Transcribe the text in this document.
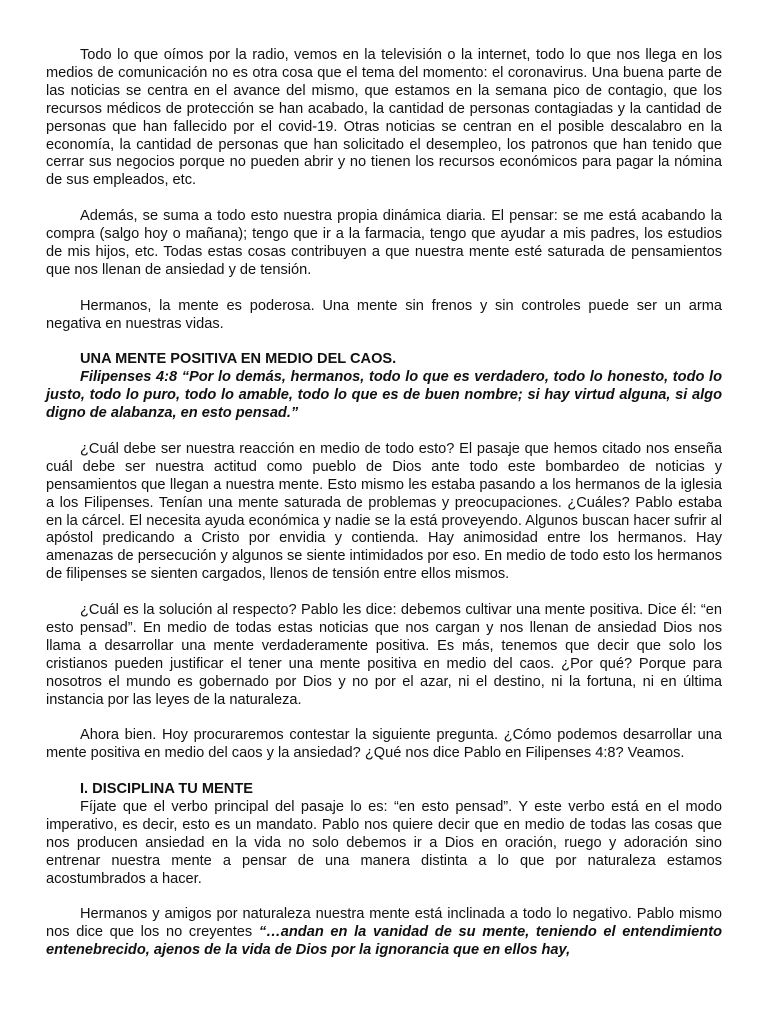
Todo lo que oímos por la radio, vemos en la televisión o la internet, todo lo que nos llega en los medios de comunicación no es otra cosa que el tema del momento: el coronavirus. Una buena parte de las noticias se centra en el avance del mismo, que estamos en la semana pico de contagio, que los recursos médicos de protección se han acabado, la cantidad de personas contagiadas y la cantidad de personas que han fallecido por el covid-19. Otras noticias se centran en el posible descalabro en la economía, la cantidad de personas que han solicitado el desempleo, los patronos que han tenido que cerrar sus negocios porque no pueden abrir y no tienen los recursos económicos para pagar la nómina de sus empleados, etc.

Además, se suma a todo esto nuestra propia dinámica diaria. El pensar: se me está acabando la compra (salgo hoy o mañana); tengo que ir a la farmacia, tengo que ayudar a mis padres, los estudios de mis hijos, etc. Todas estas cosas contribuyen a que nuestra mente esté saturada de pensamientos que nos llenan de ansiedad y de tensión.

Hermanos, la mente es poderosa. Una mente sin frenos y sin controles puede ser un arma negativa en nuestras vidas.

UNA MENTE POSITIVA EN MEDIO DEL CAOS.

Filipenses 4:8 “Por lo demás, hermanos, todo lo que es verdadero, todo lo honesto, todo lo justo, todo lo puro, todo lo amable, todo lo que es de buen nombre; si hay virtud alguna, si algo digno de alabanza, en esto pensad.”

¿Cuál debe ser nuestra reacción en medio de todo esto? El pasaje que hemos citado nos enseña cuál debe ser nuestra actitud como pueblo de Dios ante todo este bombardeo de noticias y pensamientos que llegan a nuestra mente. Esto mismo les estaba pasando a los hermanos de la iglesia a los Filipenses. Tenían una mente saturada de problemas y preocupaciones. ¿Cuáles? Pablo estaba en la cárcel. El necesita ayuda económica y nadie se la está proveyendo. Algunos buscan hacer sufrir al apóstol predicando a Cristo por envidia y contienda. Hay animosidad entre los hermanos. Hay amenazas de persecución y algunos se siente intimidados por eso. En medio de todo esto los hermanos de filipenses se sienten cargados, llenos de tensión entre ellos mismos.

¿Cuál es la solución al respecto? Pablo les dice: debemos cultivar una mente positiva. Dice él: “en esto pensad”. En medio de todas estas noticias que nos cargan y nos llenan de ansiedad Dios nos llama a desarrollar una mente verdaderamente positiva. Es más, tenemos que decir que solo los cristianos pueden justificar el tener una mente positiva en medio del caos. ¿Por qué? Porque para nosotros el mundo es gobernado por Dios y no por el azar, ni el destino, ni la fortuna, ni en última instancia por las leyes de la naturaleza.

Ahora bien. Hoy procuraremos contestar la siguiente pregunta. ¿Cómo podemos desarrollar una mente positiva en medio del caos y la ansiedad? ¿Qué nos dice Pablo en Filipenses 4:8? Veamos.

I. DISCIPLINA TU MENTE

Fíjate que el verbo principal del pasaje lo es: “en esto pensad”. Y este verbo está en el modo imperativo, es decir, esto es un mandato. Pablo nos quiere decir que en medio de todas las cosas que nos producen ansiedad en la vida no solo debemos ir a Dios en oración, ruego y adoración sino entrenar nuestra mente a pensar de una manera distinta a lo que por naturaleza estamos acostumbrados a hacer.

Hermanos y amigos por naturaleza nuestra mente está inclinada a todo lo negativo. Pablo mismo nos dice que los no creyentes “…andan en la vanidad de su mente, teniendo el entendimiento entenebrecido, ajenos de la vida de Dios por la ignorancia que en ellos hay,
